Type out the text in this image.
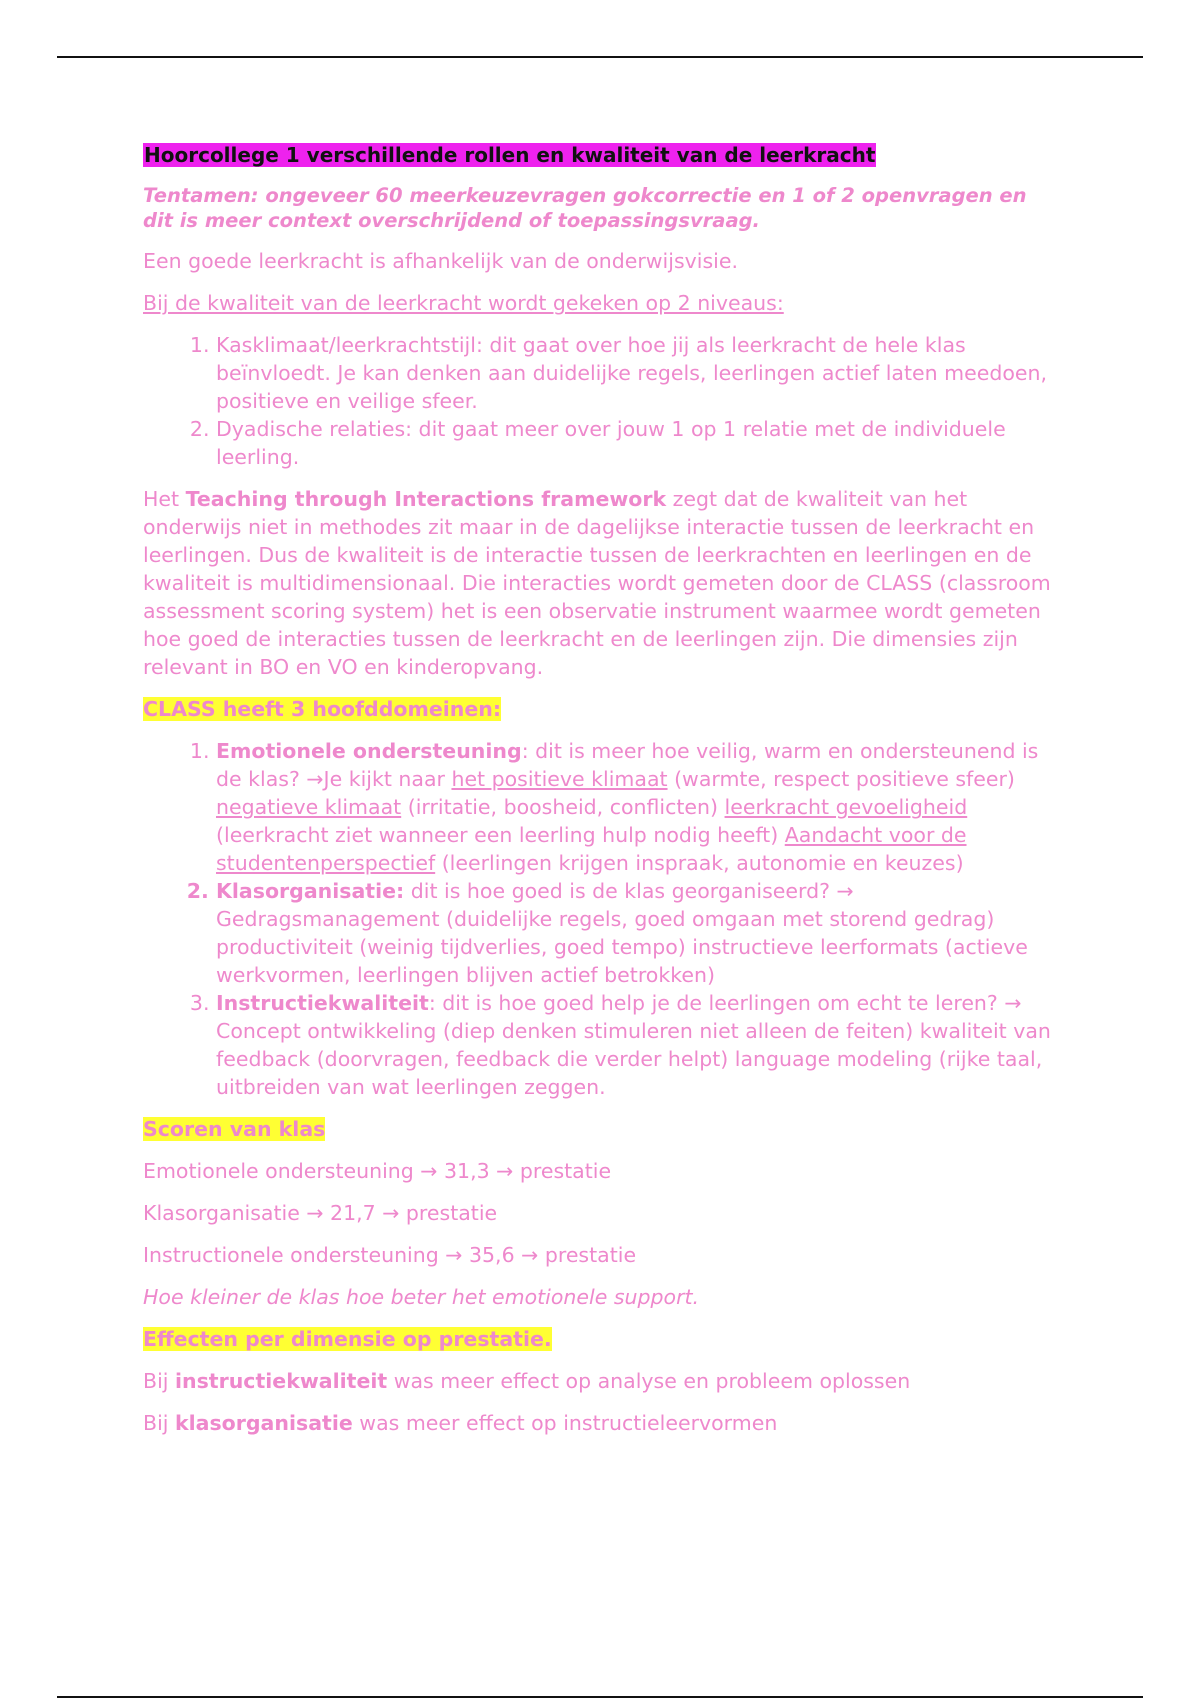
Hoorcollege 1 verschillende rollen en kwaliteit van de leerkracht

Tentamen: ongeveer 60 meerkeuzevragen gokcorrectie en 1 of 2 openvragen en dit is meer context overschrijdend of toepassingsvraag.

Een goede leerkracht is afhankelijk van de onderwijsvisie.

Bij de kwaliteit van de leerkracht wordt gekeken op 2 niveaus:

1. Kasklimaat/leerkrachtstijl: dit gaat over hoe jij als leerkracht de hele klas beïnvloedt. Je kan denken aan duidelijke regels, leerlingen actief laten meedoen, positieve en veilige sfeer.
2. Dyadische relaties: dit gaat meer over jouw 1 op 1 relatie met de individuele leerling.

Het Teaching through Interactions framework zegt dat de kwaliteit van het onderwijs niet in methodes zit maar in de dagelijkse interactie tussen de leerkracht en leerlingen. Dus de kwaliteit is de interactie tussen de leerkrachten en leerlingen en de kwaliteit is multidimensionaal. Die interacties wordt gemeten door de CLASS (classroom assessment scoring system) het is een observatie instrument waarmee wordt gemeten hoe goed de interacties tussen de leerkracht en de leerlingen zijn. Die dimensies zijn relevant in BO en VO en kinderopvang.

CLASS heeft 3 hoofddomeinen:

1. Emotionele ondersteuning: dit is meer hoe veilig, warm en ondersteunend is de klas? →Je kijkt naar het positieve klimaat (warmte, respect positieve sfeer) negatieve klimaat (irritatie, boosheid, conflicten) leerkracht gevoeligheid (leerkracht ziet wanneer een leerling hulp nodig heeft) Aandacht voor de studentenperspectief (leerlingen krijgen inspraak, autonomie en keuzes)
2. Klasorganisatie: dit is hoe goed is de klas georganiseerd? → Gedragsmanagement (duidelijke regels, goed omgaan met storend gedrag) productiviteit (weinig tijdverlies, goed tempo) instructieve leerformats (actieve werkvormen, leerlingen blijven actief betrokken)
3. Instructiekwaliteit: dit is hoe goed help je de leerlingen om echt te leren? → Concept ontwikkeling (diep denken stimuleren niet alleen de feiten) kwaliteit van feedback (doorvragen, feedback die verder helpt) language modeling (rijke taal, uitbreiden van wat leerlingen zeggen.

Scoren van klas

Emotionele ondersteuning → 31,3 → prestatie

Klasorganisatie → 21,7 → prestatie

Instructionele ondersteuning → 35,6 → prestatie

Hoe kleiner de klas hoe beter het emotionele support.

Effecten per dimensie op prestatie.

Bij instructiekwaliteit was meer effect op analyse en probleem oplossen

Bij klasorganisatie was meer effect op instructieleervormen
